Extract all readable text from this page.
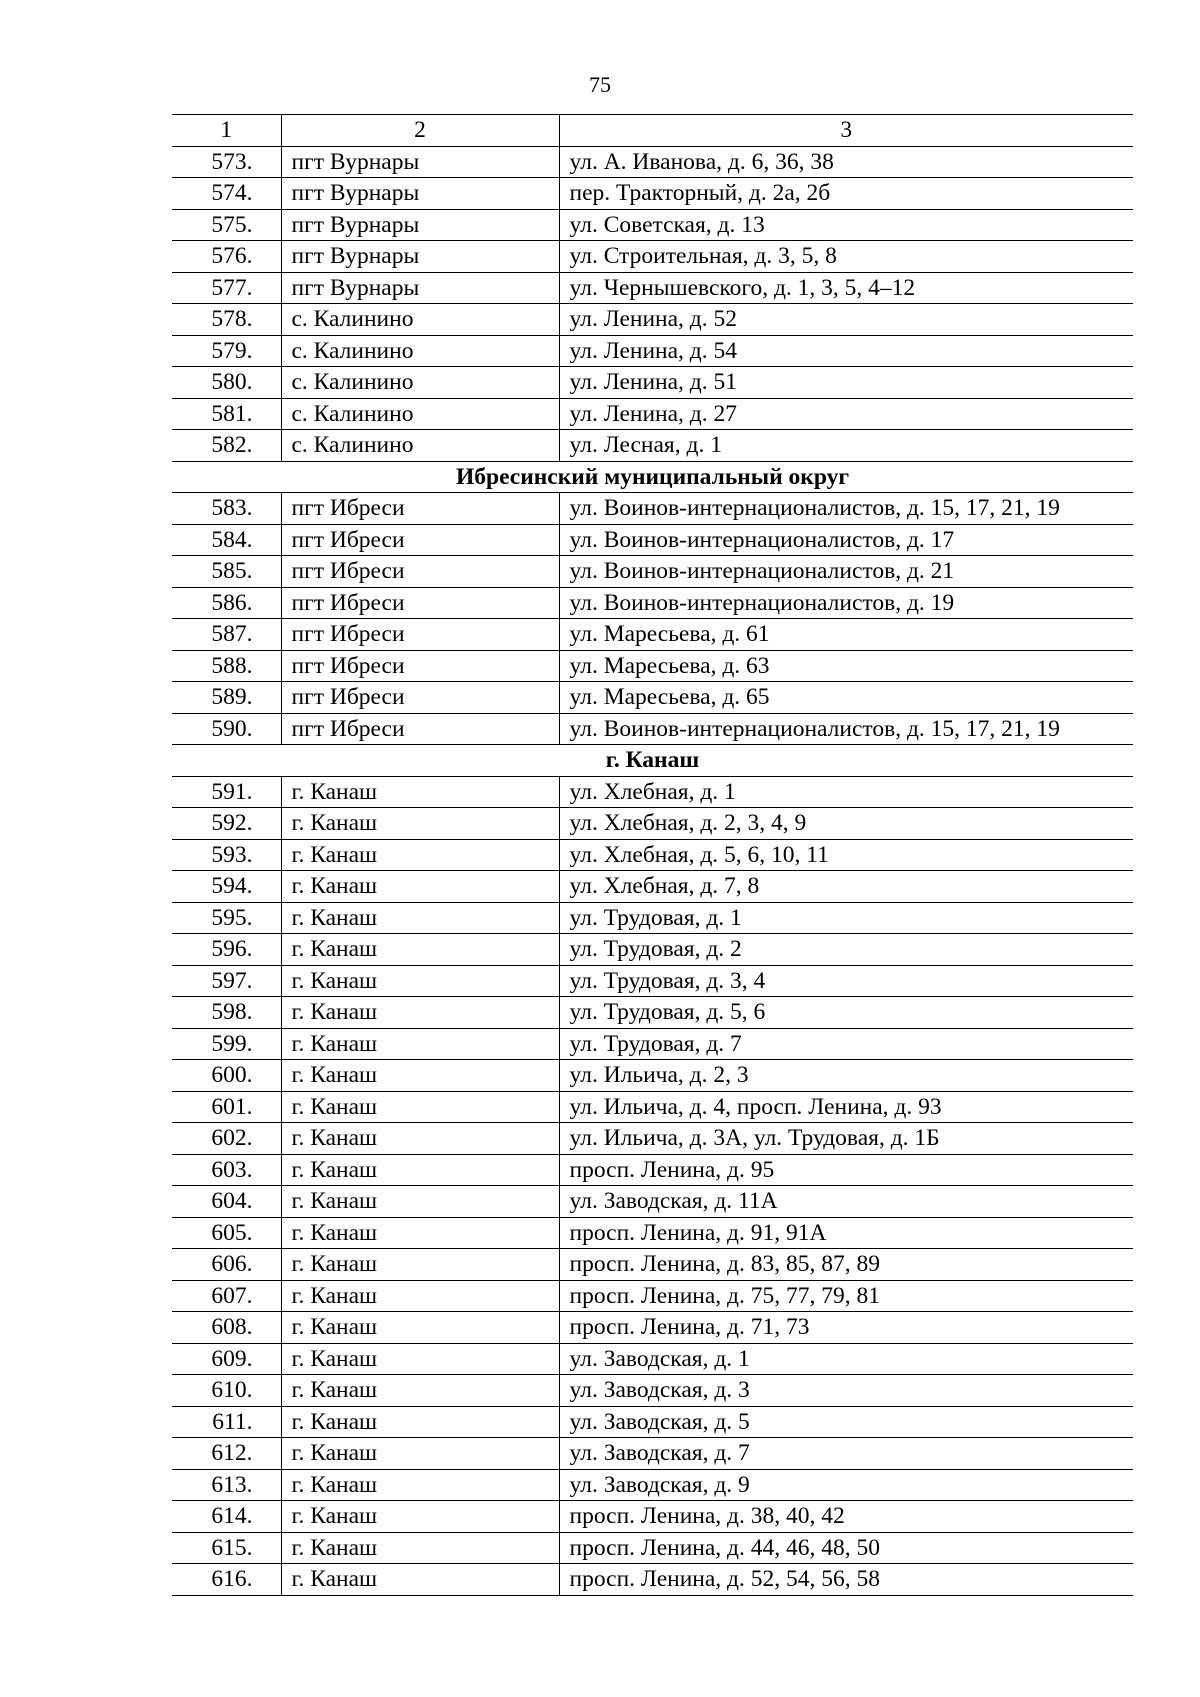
75
1	2	3
573.	пгт Вурнары	ул. А. Иванова, д. 6, 36, 38
574.	пгт Вурнары	пер. Тракторный, д. 2а, 2б
575.	пгт Вурнары	ул. Советская, д. 13
576.	пгт Вурнары	ул. Строительная, д. 3, 5, 8
577.	пгт Вурнары	ул. Чернышевского, д. 1, 3, 5, 4–12
578.	с. Калинино	ул. Ленина, д. 52
579.	с. Калинино	ул. Ленина, д. 54
580.	с. Калинино	ул. Ленина, д. 51
581.	с. Калинино	ул. Ленина, д. 27
582.	с. Калинино	ул. Лесная, д. 1
Ибресинский муниципальный округ		
583.	пгт Ибреси	ул. Воинов-интернационалистов, д. 15, 17, 21, 19
584.	пгт Ибреси	ул. Воинов-интернационалистов, д. 17
585.	пгт Ибреси	ул. Воинов-интернационалистов, д. 21
586.	пгт Ибреси	ул. Воинов-интернационалистов, д. 19
587.	пгт Ибреси	ул. Маресьева, д. 61
588.	пгт Ибреси	ул. Маресьева, д. 63
589.	пгт Ибреси	ул. Маресьева, д. 65
590.	пгт Ибреси	ул. Воинов-интернационалистов, д. 15, 17, 21, 19
г. Канаш		
591.	г. Канаш	ул. Хлебная, д. 1
592.	г. Канаш	ул. Хлебная, д. 2, 3, 4, 9
593.	г. Канаш	ул. Хлебная, д. 5, 6, 10, 11
594.	г. Канаш	ул. Хлебная, д. 7, 8
595.	г. Канаш	ул. Трудовая, д. 1
596.	г. Канаш	ул. Трудовая, д. 2
597.	г. Канаш	ул. Трудовая, д. 3, 4
598.	г. Канаш	ул. Трудовая, д. 5, 6
599.	г. Канаш	ул. Трудовая, д. 7
600.	г. Канаш	ул. Ильича, д. 2, 3
601.	г. Канаш	ул. Ильича, д. 4, просп. Ленина, д. 93
602.	г. Канаш	ул. Ильича, д. 3А, ул. Трудовая, д. 1Б
603.	г. Канаш	просп. Ленина, д. 95
604.	г. Канаш	ул. Заводская, д. 11А
605.	г. Канаш	просп. Ленина, д. 91, 91А
606.	г. Канаш	просп. Ленина, д. 83, 85, 87, 89
607.	г. Канаш	просп. Ленина, д. 75, 77, 79, 81
608.	г. Канаш	просп. Ленина, д. 71, 73
609.	г. Канаш	ул. Заводская, д. 1
610.	г. Канаш	ул. Заводская, д. 3
611.	г. Канаш	ул. Заводская, д. 5
612.	г. Канаш	ул. Заводская, д. 7
613.	г. Канаш	ул. Заводская, д. 9
614.	г. Канаш	просп. Ленина, д. 38, 40, 42
615.	г. Канаш	просп. Ленина, д. 44, 46, 48, 50
616.	г. Канаш	просп. Ленина, д. 52, 54, 56, 58
